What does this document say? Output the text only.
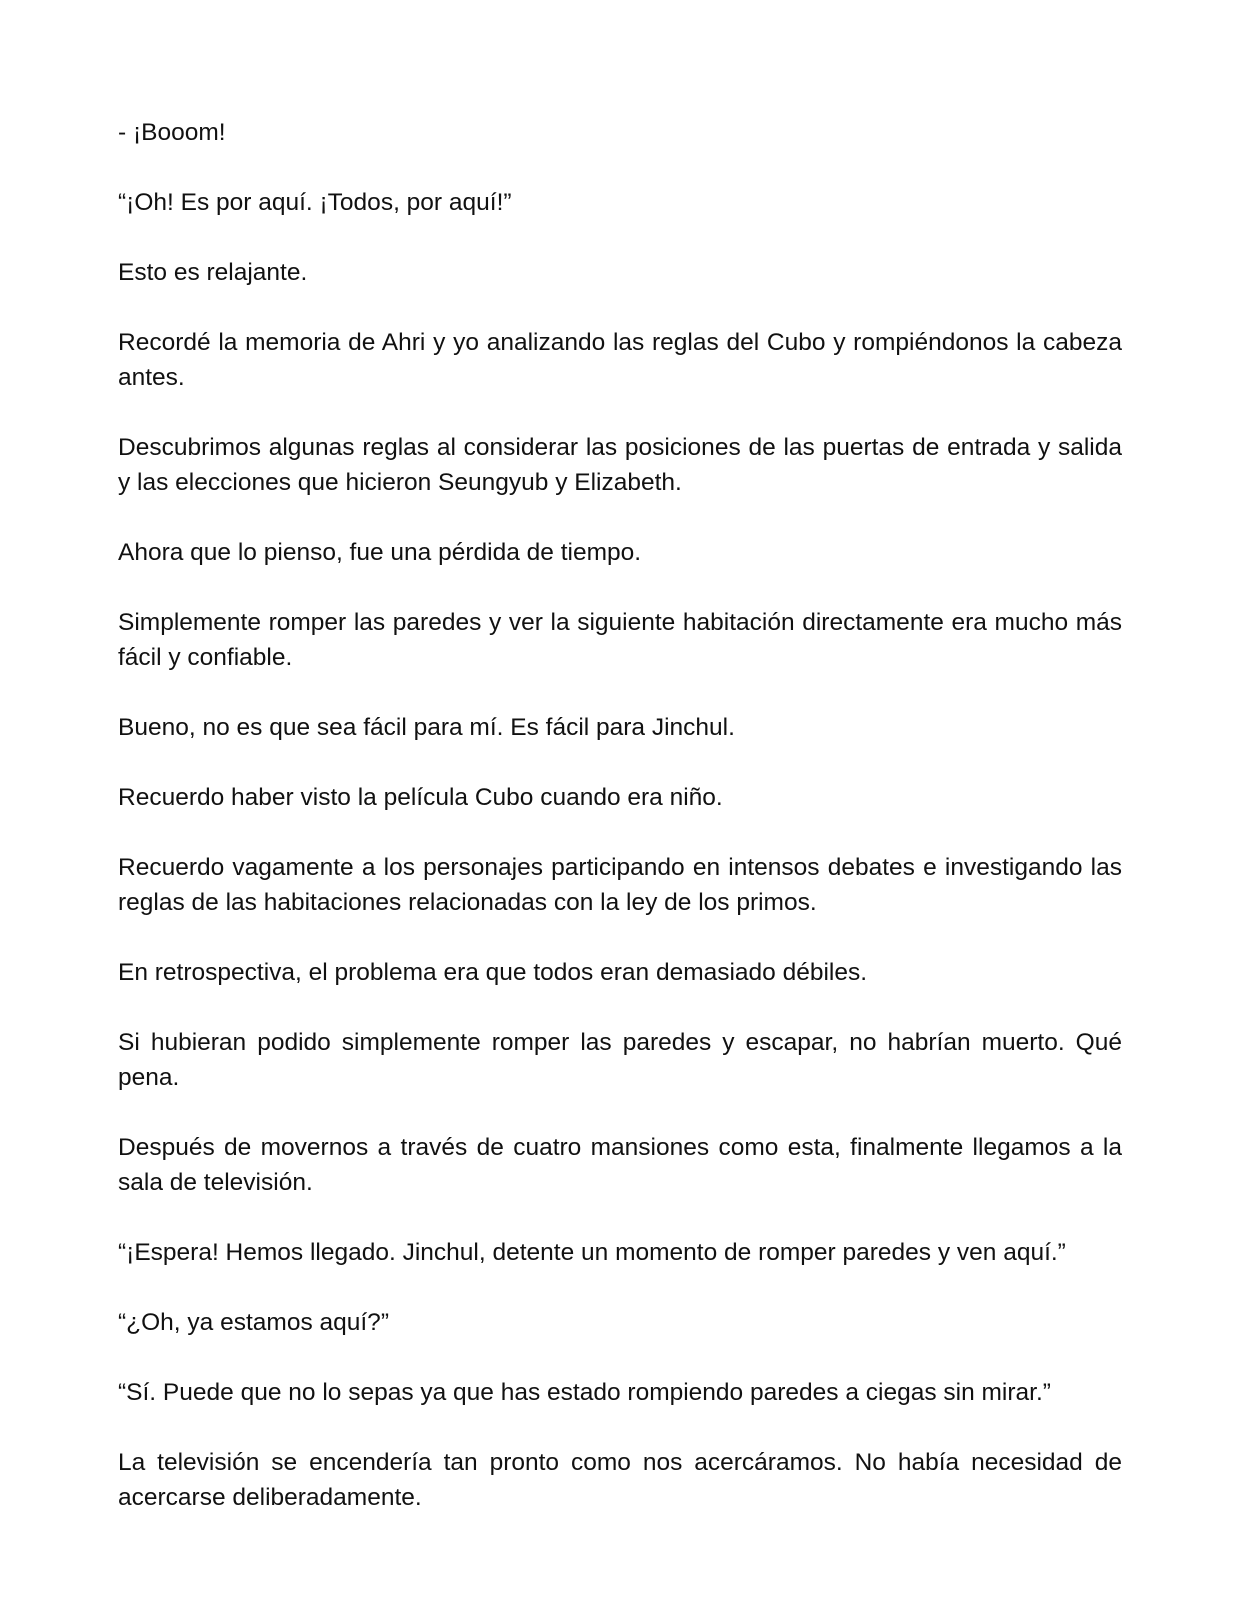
- ¡Booom!

“¡Oh! Es por aquí. ¡Todos, por aquí!”

Esto es relajante.

Recordé la memoria de Ahri y yo analizando las reglas del Cubo y rompiéndonos la cabeza antes.

Descubrimos algunas reglas al considerar las posiciones de las puertas de entrada y salida y las elecciones que hicieron Seungyub y Elizabeth.

Ahora que lo pienso, fue una pérdida de tiempo.

Simplemente romper las paredes y ver la siguiente habitación directamente era mucho más fácil y confiable.

Bueno, no es que sea fácil para mí. Es fácil para Jinchul.

Recuerdo haber visto la película Cubo cuando era niño.

Recuerdo vagamente a los personajes participando en intensos debates e investigando las reglas de las habitaciones relacionadas con la ley de los primos.

En retrospectiva, el problema era que todos eran demasiado débiles.

Si hubieran podido simplemente romper las paredes y escapar, no habrían muerto. Qué pena.

Después de movernos a través de cuatro mansiones como esta, finalmente llegamos a la sala de televisión.

“¡Espera! Hemos llegado. Jinchul, detente un momento de romper paredes y ven aquí.”

“¿Oh, ya estamos aquí?”

“Sí. Puede que no lo sepas ya que has estado rompiendo paredes a ciegas sin mirar.”

La televisión se encendería tan pronto como nos acercáramos. No había necesidad de acercarse deliberadamente.
